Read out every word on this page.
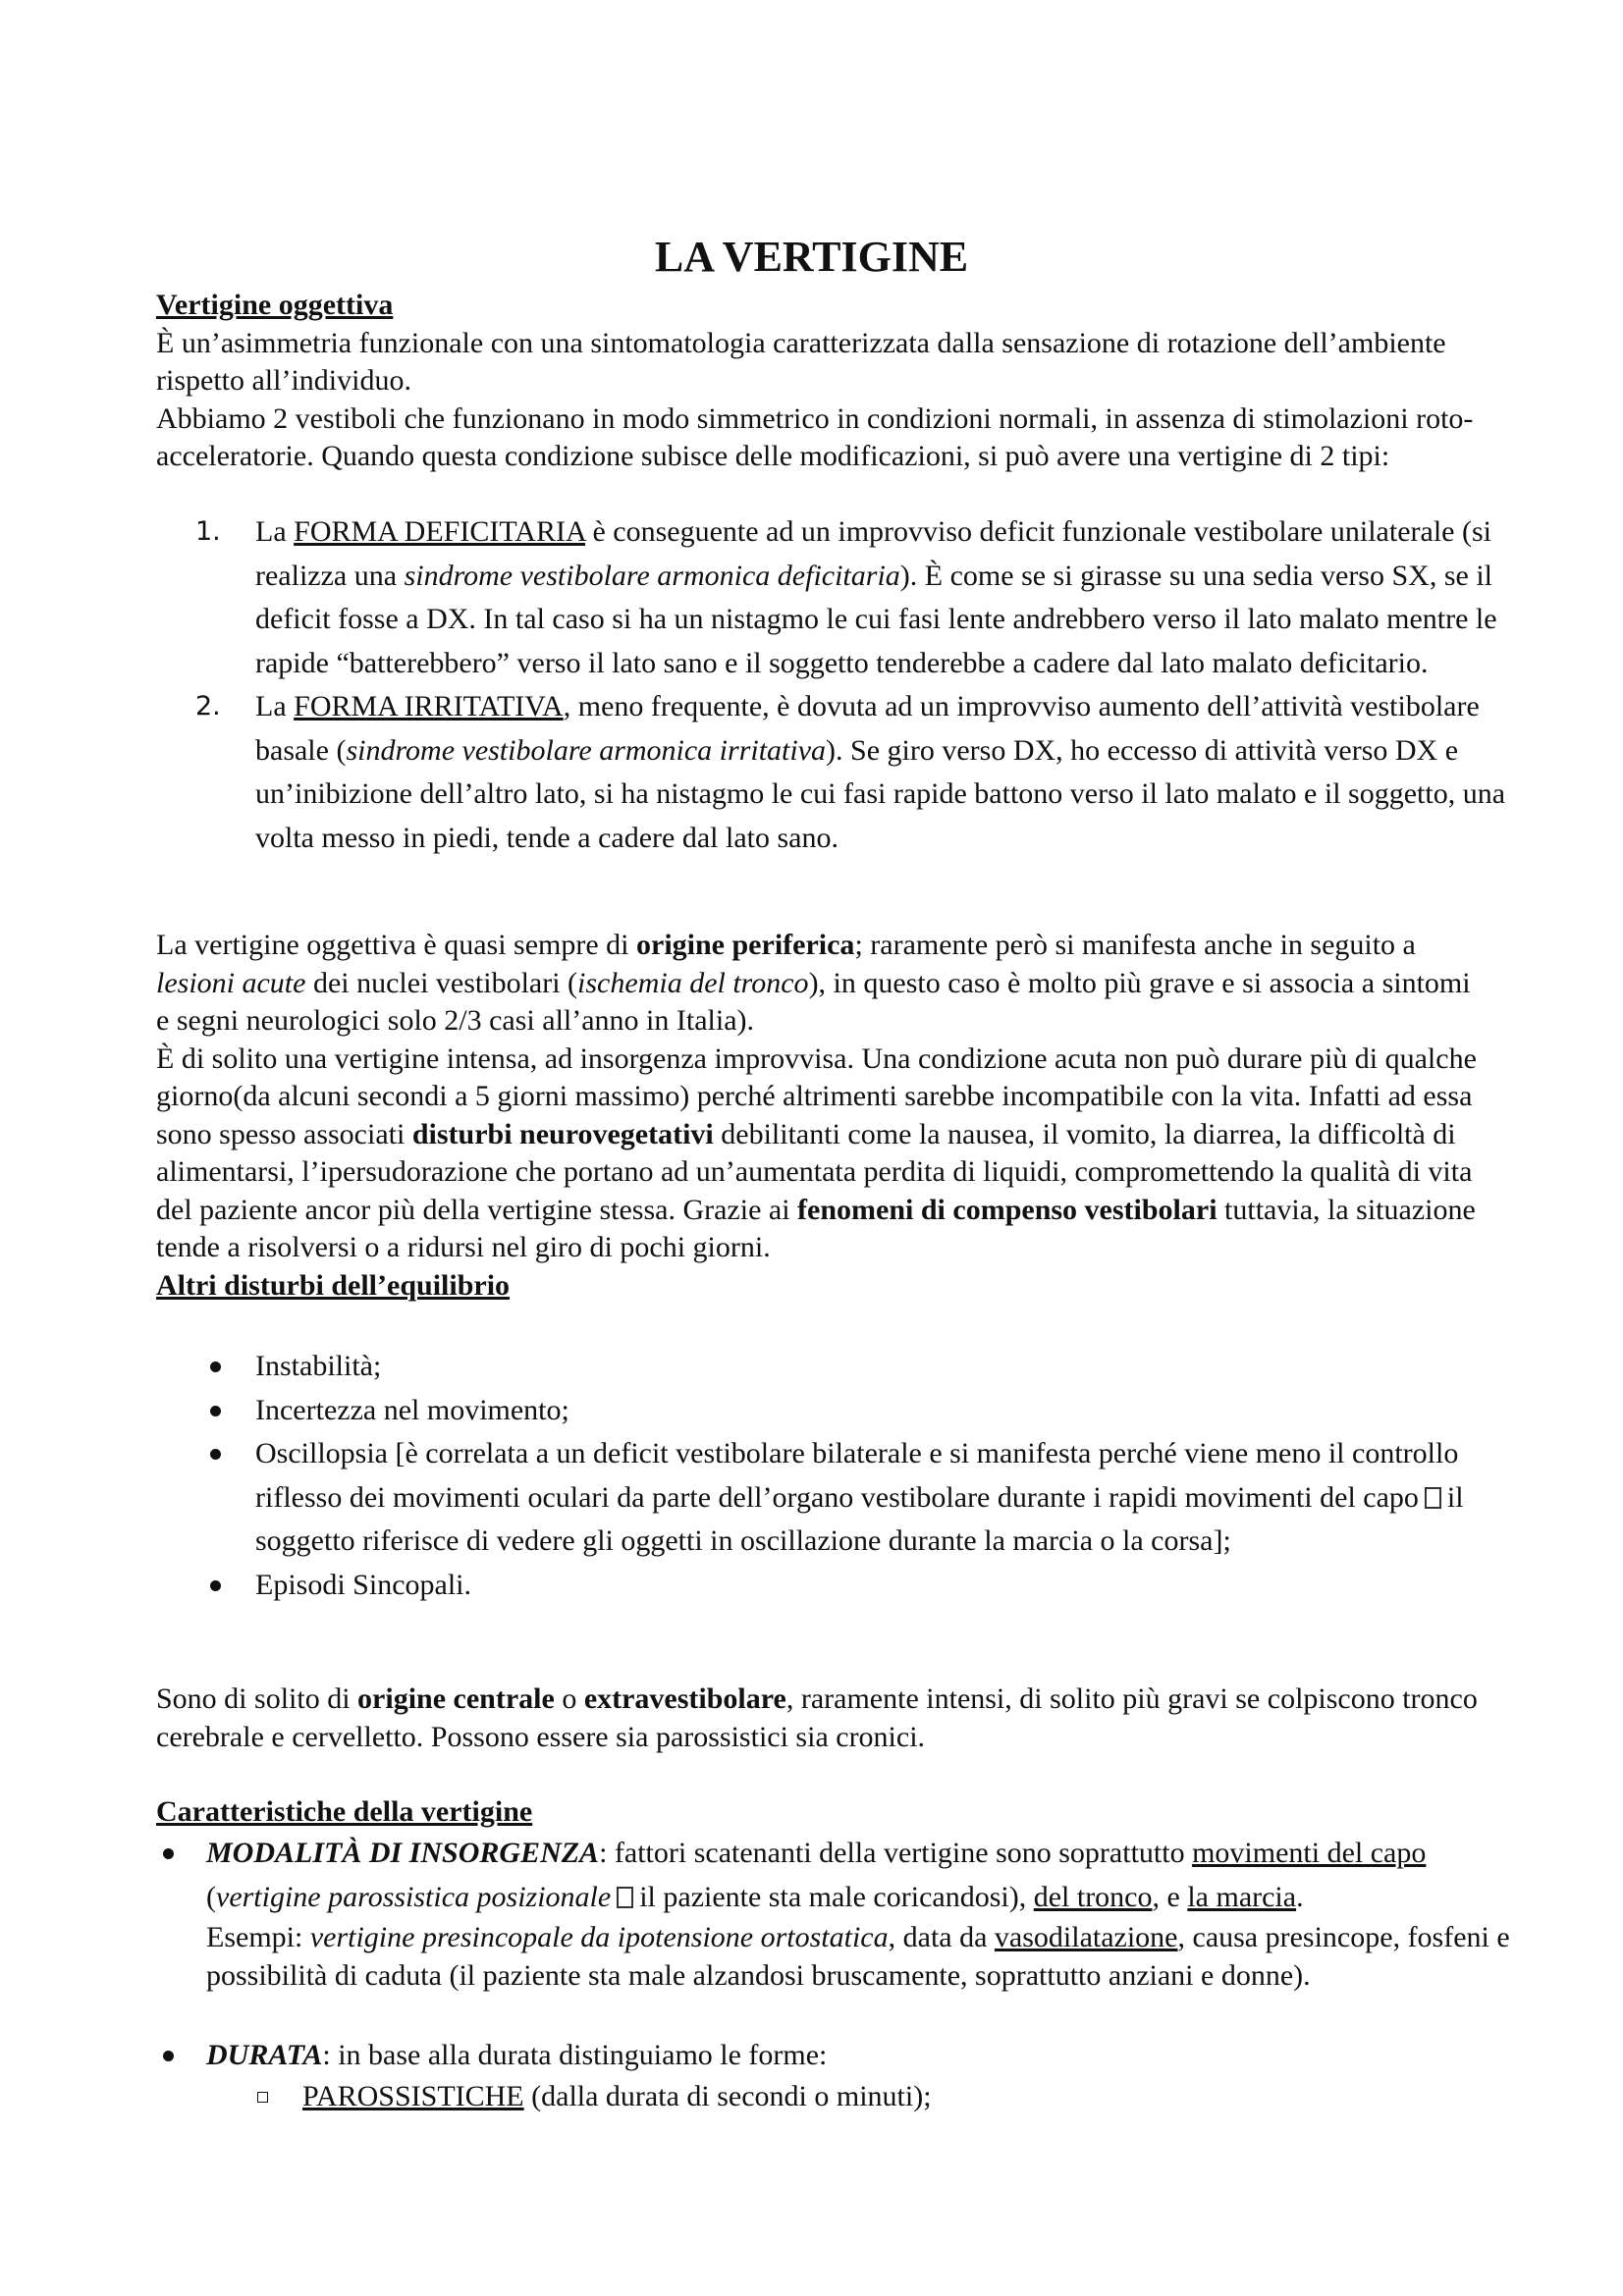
LA VERTIGINE

Vertigine oggettiva

È un’asimmetria funzionale con una sintomatologia caratterizzata dalla sensazione di rotazione dell’ambiente rispetto all’individuo.

Abbiamo 2 vestiboli che funzionano in modo simmetrico in condizioni normali, in assenza di stimolazioni roto-acceleratorie. Quando questa condizione subisce delle modificazioni, si può avere una vertigine di 2 tipi:

1. La FORMA DEFICITARIA è conseguente ad un improvviso deficit funzionale vestibolare unilaterale (si realizza una sindrome vestibolare armonica deficitaria). È come se si girasse su una sedia verso SX, se il deficit fosse a DX. In tal caso si ha un nistagmo le cui fasi lente andrebbero verso il lato malato mentre le rapide “batterebbero” verso il lato sano e il soggetto tenderebbe a cadere dal lato malato deficitario.
2. La FORMA IRRITATIVA, meno frequente, è dovuta ad un improvviso aumento dell’attività vestibolare basale (sindrome vestibolare armonica irritativa). Se giro verso DX, ho eccesso di attività verso DX e un’inibizione dell’altro lato, si ha nistagmo le cui fasi rapide battono verso il lato malato e il soggetto, una volta messo in piedi, tende a cadere dal lato sano.

La vertigine oggettiva è quasi sempre di origine periferica; raramente però si manifesta anche in seguito a lesioni acute dei nuclei vestibolari (ischemia del tronco), in questo caso è molto più grave e si associa a sintomi e segni neurologici solo 2/3 casi all’anno in Italia).

È di solito una vertigine intensa, ad insorgenza improvvisa. Una condizione acuta non può durare più di qualche giorno(da alcuni secondi a 5 giorni massimo) perché altrimenti sarebbe incompatibile con la vita. Infatti ad essa sono spesso associati disturbi neurovegetativi debilitanti come la nausea, il vomito, la diarrea, la difficoltà di alimentarsi, l’ipersudorazione che portano ad un’aumentata perdita di liquidi, compromettendo la qualità di vita del paziente ancor più della vertigine stessa. Grazie ai fenomeni di compenso vestibolari tuttavia, la situazione tende a risolversi o a ridursi nel giro di pochi giorni.

Altri disturbi dell’equilibrio

Instabilità;
Incertezza nel movimento;
Oscillopsia [è correlata a un deficit vestibolare bilaterale e si manifesta perché viene meno il controllo riflesso dei movimenti oculari da parte dell’organo vestibolare durante i rapidi movimenti del capo il soggetto riferisce di vedere gli oggetti in oscillazione durante la marcia o la corsa];
Episodi Sincopali.

Sono di solito di origine centrale o extravestibolare, raramente intensi, di solito più gravi se colpiscono tronco cerebrale e cervelletto. Possono essere sia parossistici sia cronici.

Caratteristiche della vertigine

MODALITÀ DI INSORGENZA: fattori scatenanti della vertigine sono soprattutto movimenti del capo (vertigine parossistica posizionale il paziente sta male coricandosi), del tronco, e la marcia.
Esempi: vertigine presincopale da ipotensione ortostatica, data da vasodilatazione, causa presincope, fosfeni e possibilità di caduta (il paziente sta male alzandosi bruscamente, soprattutto anziani e donne).
DURATA: in base alla durata distinguiamo le forme:
PAROSSISTICHE (dalla durata di secondi o minuti);
